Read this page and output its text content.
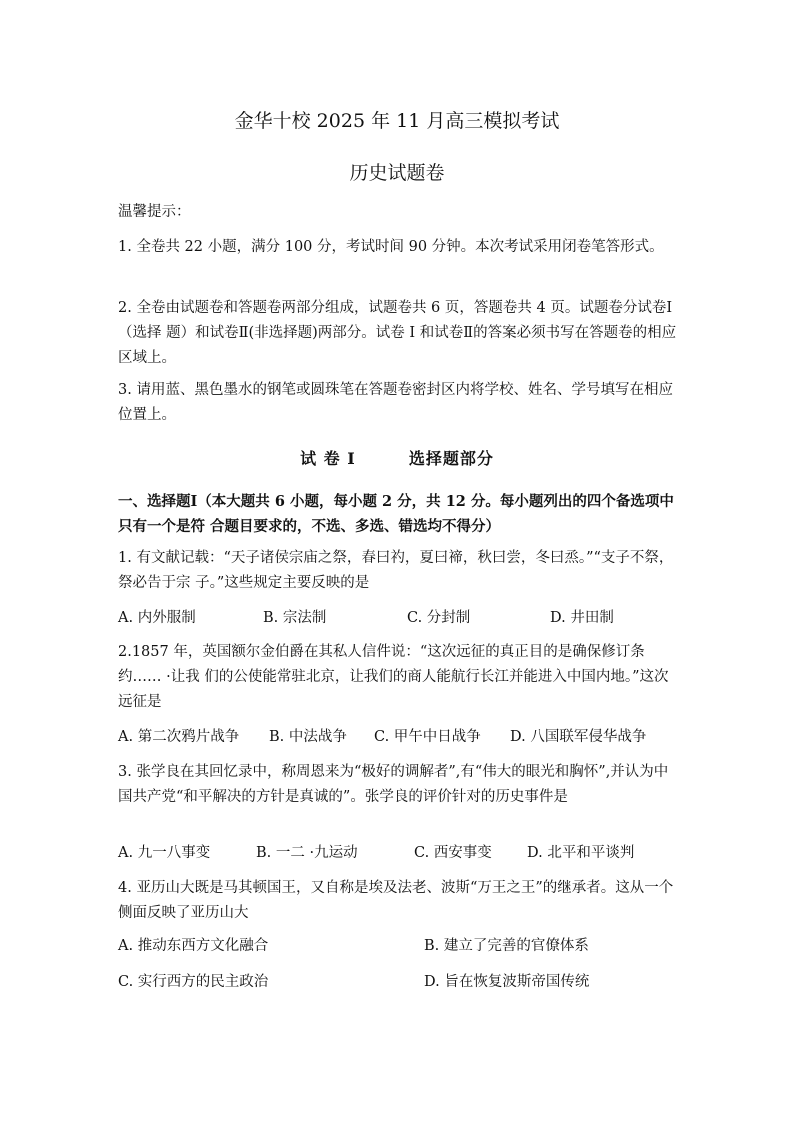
金华十校 2025 年 11 月高三模拟考试
历史试题卷
温馨提示：
1. 全卷共 22 小题，满分 100 分，考试时间 90 分钟。本次考试采用闭卷笔答形式。
2. 全卷由试题卷和答题卷两部分组成，试题卷共 6 页，答题卷共 4 页。试题卷分试卷Ⅰ （选择 题）和试卷Ⅱ(非选择题)两部分。试卷 Ⅰ 和试卷Ⅱ的答案必须书写在答题卷的相应区域上。
3. 请用蓝、黑色墨水的钢笔或圆珠笔在答题卷密封区内将学校、姓名、学号填写在相应位置上。
试 卷 Ⅰ	选择题部分
一、选择题Ⅰ（本大题共 6 小题，每小题 2 分，共 12 分。每小题列出的四个备选项中只有一个是符 合题目要求的，不选、多选、错选均不得分）
1. 有文献记载：“天子诸侯宗庙之祭，春曰礿，夏曰禘，秋曰尝，冬曰烝。”“支子不祭，祭必告于宗 子。”这些规定主要反映的是
A. 内外服制	B. 宗法制	C. 分封制	D. 井田制
2.1857 年，英国额尔金伯爵在其私人信件说：“这次远征的真正目的是确保修订条约…… ·让我 们的公使能常驻北京，让我们的商人能航行长江并能进入中国内地。”这次远征是
A. 第二次鸦片战争 B. 中法战争 C. 甲午中日战争 D. 八国联军侵华战争
3. 张学良在其回忆录中，称周恩来为“极好的调解者”,有“伟大的眼光和胸怀”,并认为中国共产党“和平解决的方针是真诚的”。张学良的评价针对的历史事件是
A. 九一八事变	B. 一二 ·九运动	C. 西安事变 D. 北平和平谈判
4. 亚历山大既是马其顿国王，又自称是埃及法老、波斯“万王之王”的继承者。这从一个侧面反映了亚历山大
A. 推动东西方文化融合	B. 建立了完善的官僚体系
C. 实行西方的民主政治	D. 旨在恢复波斯帝国传统
